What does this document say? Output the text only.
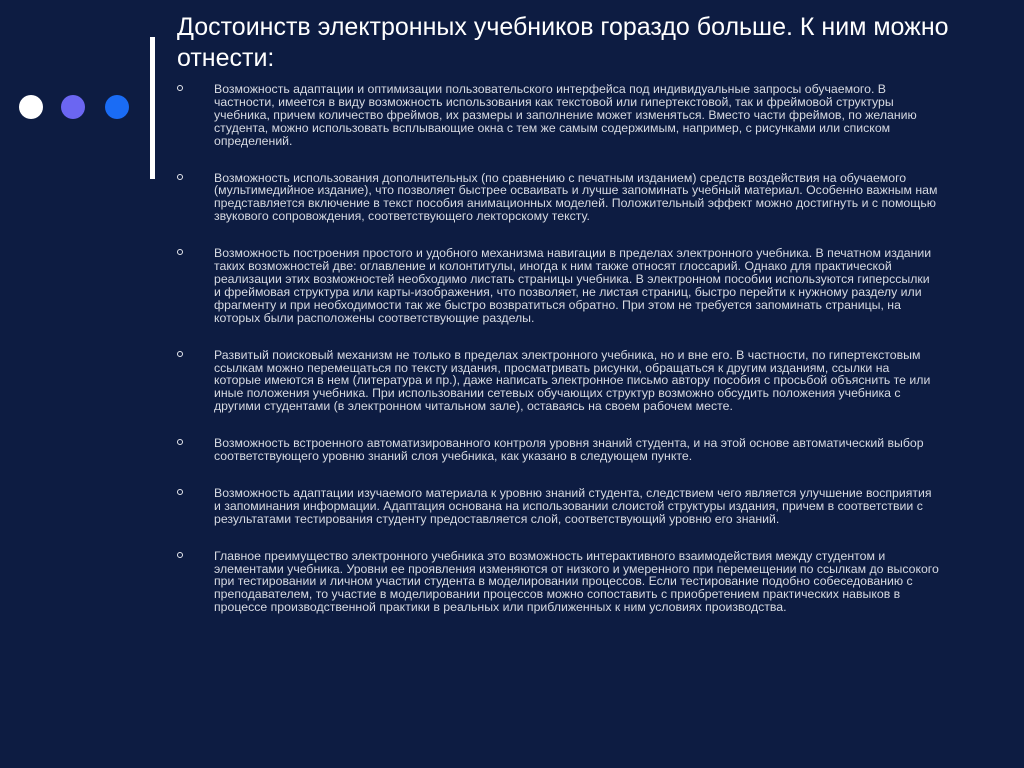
Достоинств электронных учебников гораздо больше. К ним можно отнести:
Возможность адаптации и оптимизации пользовательского интерфейса под индивидуальные запросы обучаемого. В частности, имеется в виду возможность использования как текстовой или гипертекстовой, так и фреймовой структуры учебника, причем количество фреймов, их размеры и заполнение может изменяться. Вместо части фреймов, по желанию студента, можно использовать всплывающие окна с тем же самым содержимым, например, с рисунками или списком определений.
Возможность использования дополнительных (по сравнению с печатным изданием) средств воздействия на обучаемого (мультимедийное издание), что позволяет быстрее осваивать и лучше запоминать учебный материал. Особенно важным нам представляется включение в текст пособия анимационных моделей. Положительный эффект можно достигнуть и с помощью звукового сопровождения, соответствующего лекторскому тексту.
Возможность построения простого и удобного механизма навигации в пределах электронного учебника. В печатном издании таких возможностей две: оглавление и колонтитулы, иногда к ним также относят глоссарий. Однако для практической реализации этих возможностей необходимо листать страницы учебника. В электронном пособии используются гиперссылки и фреймовая структура или карты-изображения, что позволяет, не листая страниц, быстро перейти к нужному разделу или фрагменту и при необходимости так же быстро возвратиться обратно. При этом не требуется запоминать страницы, на которых были расположены соответствующие разделы.
Развитый поисковый механизм не только в пределах электронного учебника, но и вне его. В частности, по гипертекстовым ссылкам можно перемещаться по тексту издания, просматривать рисунки, обращаться к другим изданиям, ссылки на которые имеются в нем (литература и пр.), даже написать электронное письмо автору пособия с просьбой объяснить те или иные положения учебника. При использовании сетевых обучающих структур возможно обсудить положения учебника с другими студентами (в электронном читальном зале), оставаясь на своем рабочем месте.
Возможность встроенного автоматизированного контроля уровня знаний студента, и на этой основе автоматический выбор соответствующего уровню знаний слоя учебника, как указано в следующем пункте.
Возможность адаптации изучаемого материала к уровню знаний студента, следствием чего является улучшение восприятия и запоминания информации. Адаптация основана на использовании слоистой структуры издания, причем в соответствии с результатами тестирования студенту предоставляется слой, соответствующий уровню его знаний.
Главное преимущество электронного учебника это возможность интерактивного взаимодействия между студентом и элементами учебника. Уровни ее проявления изменяются от низкого и умеренного при перемещении по ссылкам до высокого при тестировании и личном участии студента в моделировании процессов. Если тестирование подобно собеседованию с преподавателем, то участие в моделировании процессов можно сопоставить с приобретением практических навыков в процессе производственной практики в реальных или приближенных к ним условиях производства.
